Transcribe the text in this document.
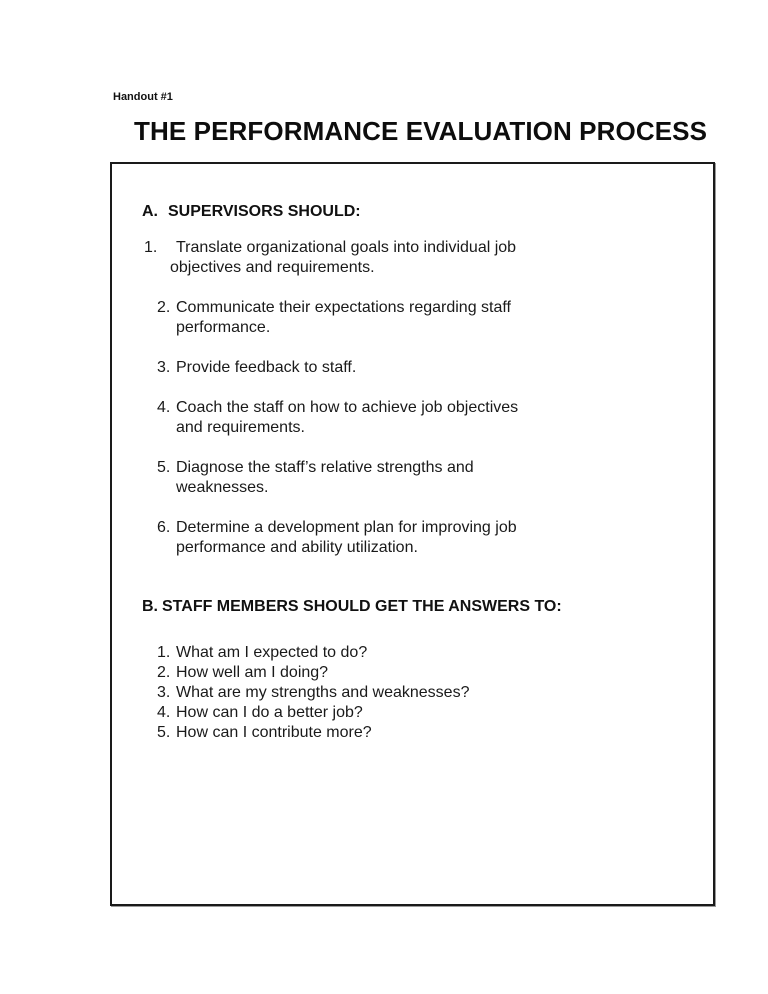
Handout #1
THE PERFORMANCE EVALUATION PROCESS
A. SUPERVISORS SHOULD:
1. Translate organizational goals into individual job
objectives and requirements.
2. Communicate their expectations regarding staff
performance.
3. Provide feedback to staff.
4. Coach the staff on how to achieve job objectives
and requirements.
5. Diagnose the staff’s relative strengths and
weaknesses.
6. Determine a development plan for improving job
performance and ability utilization.
B. STAFF MEMBERS SHOULD GET THE ANSWERS TO:
1. What am I expected to do?
2. How well am I doing?
3. What are my strengths and weaknesses?
4. How can I do a better job?
5. How can I contribute more?
